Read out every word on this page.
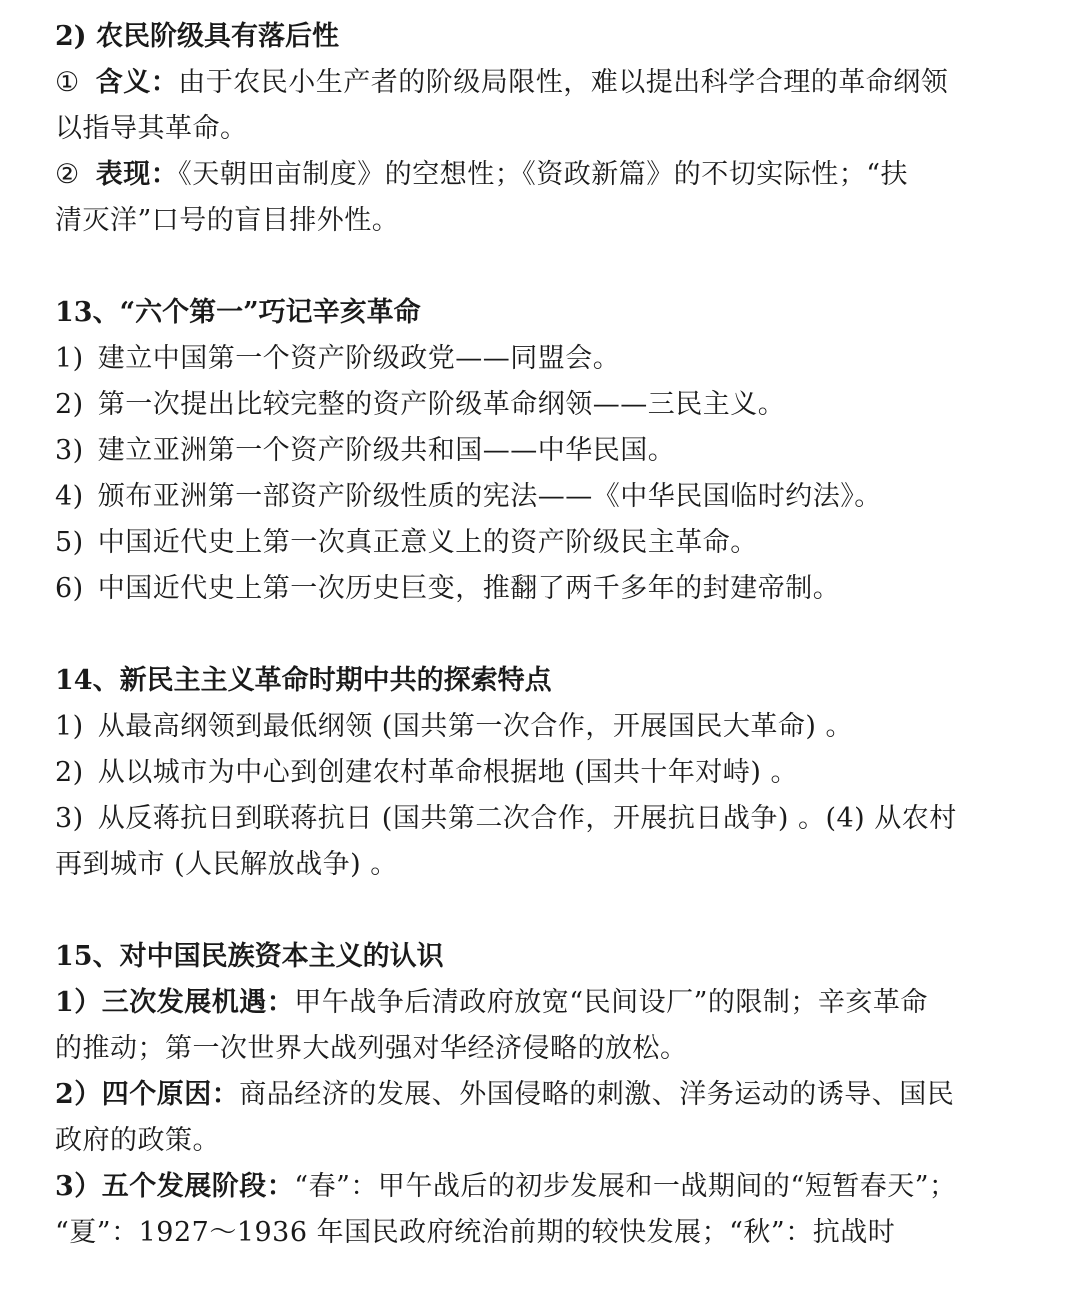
2) 农民阶级具有落后性
① 含义：由于农民小生产者的阶级局限性，难以提出科学合理的革命纲领
以指导其革命。
② 表现：《天朝田亩制度》的空想性；《资政新篇》的不切实际性；“扶
清灭洋”口号的盲目排外性。
13、“六个第一”巧记辛亥革命
1) 建立中国第一个资产阶级政党——同盟会。
2) 第一次提出比较完整的资产阶级革命纲领——三民主义。
3) 建立亚洲第一个资产阶级共和国——中华民国。
4) 颁布亚洲第一部资产阶级性质的宪法——《中华民国临时约法》。
5) 中国近代史上第一次真正意义上的资产阶级民主革命。
6) 中国近代史上第一次历史巨变，推翻了两千多年的封建帝制。
14、新民主主义革命时期中共的探索特点
1) 从最高纲领到最低纲领 (国共第一次合作，开展国民大革命) 。
2) 从以城市为中心到创建农村革命根据地 (国共十年对峙) 。
3) 从反蒋抗日到联蒋抗日 (国共第二次合作，开展抗日战争) 。(4) 从农村
再到城市 (人民解放战争) 。
15、对中国民族资本主义的认识
1）三次发展机遇：甲午战争后清政府放宽“民间设厂”的限制；辛亥革命
的推动；第一次世界大战列强对华经济侵略的放松。
2）四个原因：商品经济的发展、外国侵略的刺激、洋务运动的诱导、国民
政府的政策。
3）五个发展阶段：“春”：甲午战后的初步发展和一战期间的“短暂春天”；
“夏”：1927～1936 年国民政府统治前期的较快发展；“秋”：抗战时
